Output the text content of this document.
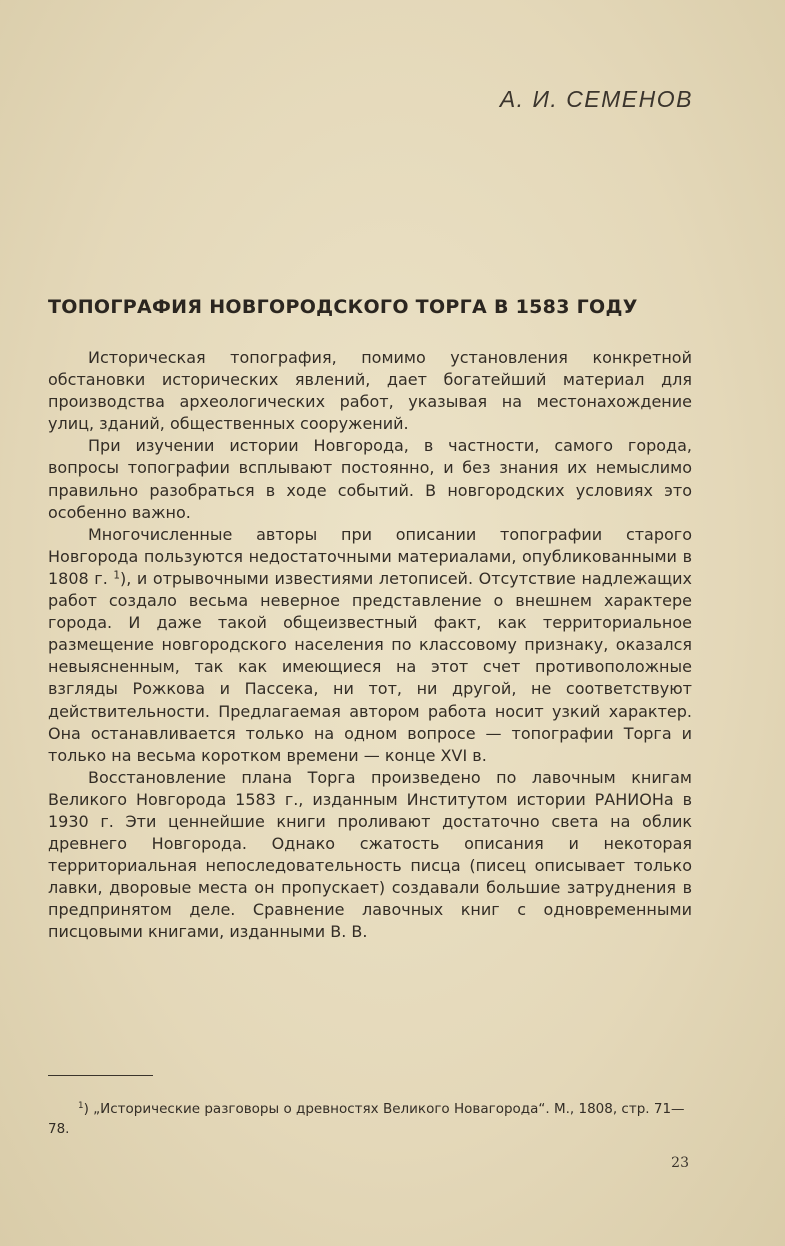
А. И. СЕМЕНОВ
ТОПОГРАФИЯ НОВГОРОДСКОГО ТОРГА В 1583 ГОДУ

Историческая топография, помимо установления конкретной обстановки исторических явлений, дает богатейший материал для производства археологических работ, указывая на местонахождение улиц, зданий, общественных сооружений.

При изучении истории Новгорода, в частности, самого города, вопросы топографии всплывают постоянно, и без знания их немыслимо правильно разобраться в ходе событий. В новгородских условиях это особенно важно.

Многочисленные авторы при описании топографии старого Новгорода пользуются недостаточными материалами, опубликованными в 1808 г. $^1$), и отрывочными известиями летописей. Отсутствие надлежащих работ создало весьма неверное представление о внешнем характере города. И даже такой общеизвестный факт, как территориальное размещение новгородского населения по классовому признаку, оказался невыясненным, так как имеющиеся на этот счет противоположные взгляды Рожкова и Пассека, ни тот, ни другой, не соответствуют действительности. Предлагаемая автором работа носит узкий характер. Она останавливается только на одном вопросе — топографии Торга и только на весьма коротком времени — конце XVI в.

Восстановление плана Торга произведено по лавочным книгам Великого Новгорода 1583 г., изданным Институтом истории РАНИОНа в 1930 г. Эти ценнейшие книги проливают достаточно света на облик древнего Новгорода. Однако сжатость описания и некоторая территориальная непоследовательность писца (писец описывает только лавки, дворовые места он пропускает) создавали большие затруднения в предпринятом деле. Сравнение лавочных книг с одновременными писцовыми книгами, изданными В. В.

$^1$) „Исторические разговоры о древностях Великого Новагорода“. М., 1808, стр. 71—78.

23
